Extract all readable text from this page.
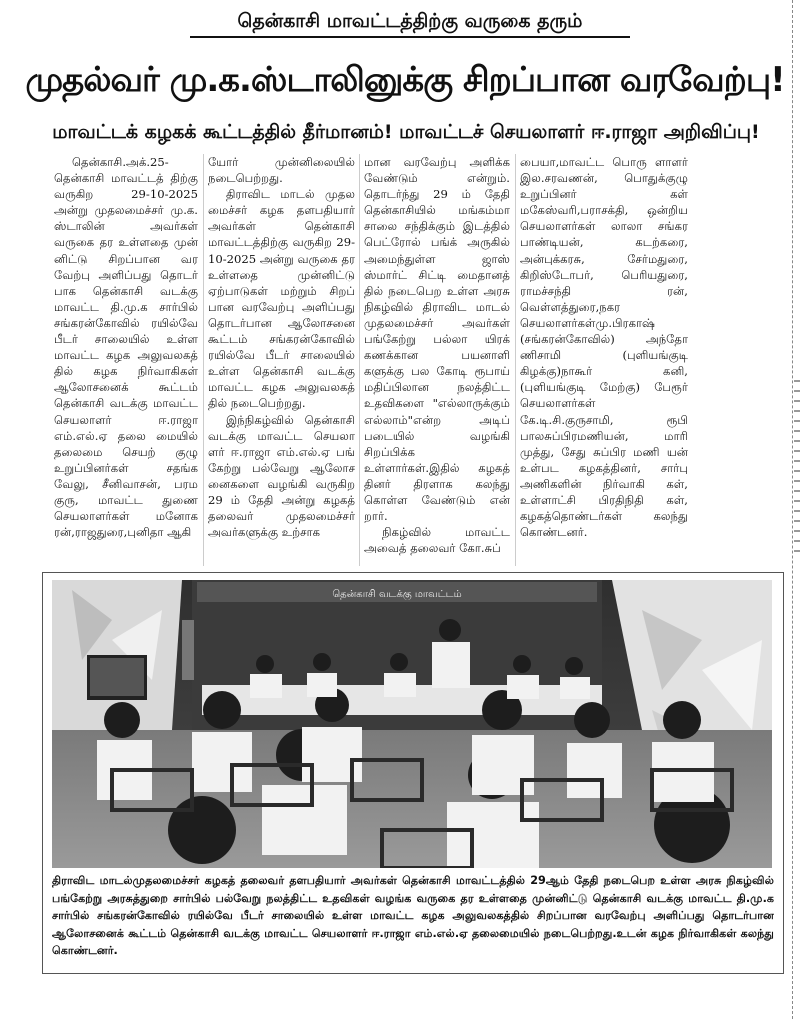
தென்காசி மாவட்டத்திற்கு வருகை தரும்
முதல்வர் மு.க.ஸ்டாலினுக்கு சிறப்பான வரவேற்பு!
மாவட்டக் கழகக் கூட்டத்தில் தீர்மானம்! மாவட்டச் செயலாளர் ஈ.ராஜா அறிவிப்பு!

தென்காசி.அக்.25- தென்காசி மாவட்டத் திற்கு வருகிற 29-10-2025 அன்று முதலமைச்சர் மு.க. ஸ்டாலின் அவர்கள் வருகை தர உள்ளதை முன் னிட்டு சிறப்பான வர வேற்பு அளிப்பது தொடர் பாக தென்காசி வடக்கு மாவட்ட தி.மு.க சார்பில் சங்கரன்கோவில் ரயில்வே பீடர் சாலையில் உள்ள மாவட்ட கழக அலுவலகத் தில் கழக நிர்வாகிகள் ஆலோசனைக் கூட்டம் தென்காசி வடக்கு மாவட்ட செயலாளர் ஈ.ராஜா எம்.எல்.ஏ தலை மையில் தலைமை செயற் குழு உறுப்பினர்கள் சதங்க வேலு, சீனிவாசன், பரம குரு, மாவட்ட துணை செயலாளர்கள் மனோக ரன்,ராஜதுரை,புனிதா ஆகி

யோர் முன்னிலையில் நடைபெற்றது.

திராவிட மாடல் முதல மைச்சர் கழக தளபதியார் அவர்கள் தென்காசி மாவட்டத்திற்கு வருகிற 29-10-2025 அன்று வருகை தர உள்ளதை முன்னிட்டு ஏற்பாடுகள் மற்றும் சிறப் பான வரவேற்பு அளிப்பது தொடர்பான ஆலோசனை கூட்டம் சங்கரன்கோவில் ரயில்வே பீடர் சாலையில் உள்ள தென்காசி வடக்கு மாவட்ட கழக அலுவலகத் தில் நடைபெற்றது.

இந்நிகழ்வில் தென்காசி வடக்கு மாவட்ட செயலா ளர் ஈ.ராஜா எம்.எல்.ஏ பங் கேற்று பல்வேறு ஆலோச னைகளை வழங்கி வருகிற 29 ம் தேதி அன்று கழகத் தலைவர் முதலமைச்சர் அவர்களுக்கு உற்சாக

மான வரவேற்பு அளிக்க வேண்டும் என்றும். தொடர்ந்து 29 ம் தேதி தென்காசியில் மங்கம்மா சாலை சந்திக்கும் இடத்தில் பெட்ரோல் பங்க் அருகில் அமைந்துள்ள ஜாஸ் ஸ்மார்ட் சிட்டி மைதானத் தில் நடைபெற உள்ள அரசு நிகழ்வில் திராவிட மாடல் முதலமைச்சர் அவர்கள் பங்கேற்று பல்லா யிரக் கணக்கான பயனாளி களுக்கு பல கோடி ரூபாய் மதிப்பிலான நலத்திட்ட உதவிகளை "எல்லாருக்கும் எல்லாம்"என்ற அடிப் படையில் வழங்கி சிறப்பிக்க உள்ளார்கள்.இதில் கழகத் தினர் திரளாக கலந்து கொள்ள வேண்டும் என் றார்.

நிகழ்வில் மாவட்ட அவைத் தலைவர் கோ.சுப்

பையா,மாவட்ட பொரு ளாளர் இல.சரவணன், பொதுக்குழு உறுப்பினர் கள் மகேஸ்வரி,பராசக்தி, ஒன்றிய செயலாளர்கள் லாலா சங்கர பாண்டியன், கடற்கரை, அன்புக்கரசு, சேர்மதுரை, கிறிஸ்டோபர், பெரியதுரை, ராமச்சந்தி ரன், வெள்ளத்துரை,நகர செயலாளர்கள்மு.பிரகாஷ் (சங்கரன்கோவில்) அந்தோ ணிசாமி (புளியங்குடி கிழக்கு)நாகூர் கனி, (புளியங்குடி மேற்கு) பேரூர் செயலாளர்கள் கே.டி.சி.குருசாமி, ரூபி பாலசுப்பிரமணியன், மாரி முத்து, சேது சுப்பிர மணி யன் உள்பட கழகத்தினர், சார்பு அணிகளின் நிர்வாகி கள், உள்ளாட்சி பிரதிநிதி கள், கழகத்தொண்டர்கள் கலந்து கொண்டனர்.

தென்காசி வடக்கு மாவட்டம்
திராவிட மாடல்முதலமைச்சர் கழகத் தலைவர் தளபதியார் அவர்கள் தென்காசி மாவட்டத்தில் 29ஆம் தேதி நடைபெற உள்ள அரசு நிகழ்வில் பங்கேற்று அரசுத்துறை சார்பில் பல்வேறு நலத்திட்ட உதவிகள் வழங்க வருகை தர உள்ளதை முன்னிட்டு தென்காசி வடக்கு மாவட்ட தி.மு.க சார்பில் சங்கரன்கோவில் ரயில்வே பீடர் சாலையில் உள்ள மாவட்ட கழக அலுவலகத்தில் சிறப்பான வரவேற்பு அளிப்பது தொடர்பான ஆலோசனைக் கூட்டம் தென்காசி வடக்கு மாவட்ட செயலாளர் ஈ.ராஜா எம்.எல்.ஏ தலைமையில் நடைபெற்றது.உடன் கழக நிர்வாகிகள் கலந்து கொண்டனர்.
